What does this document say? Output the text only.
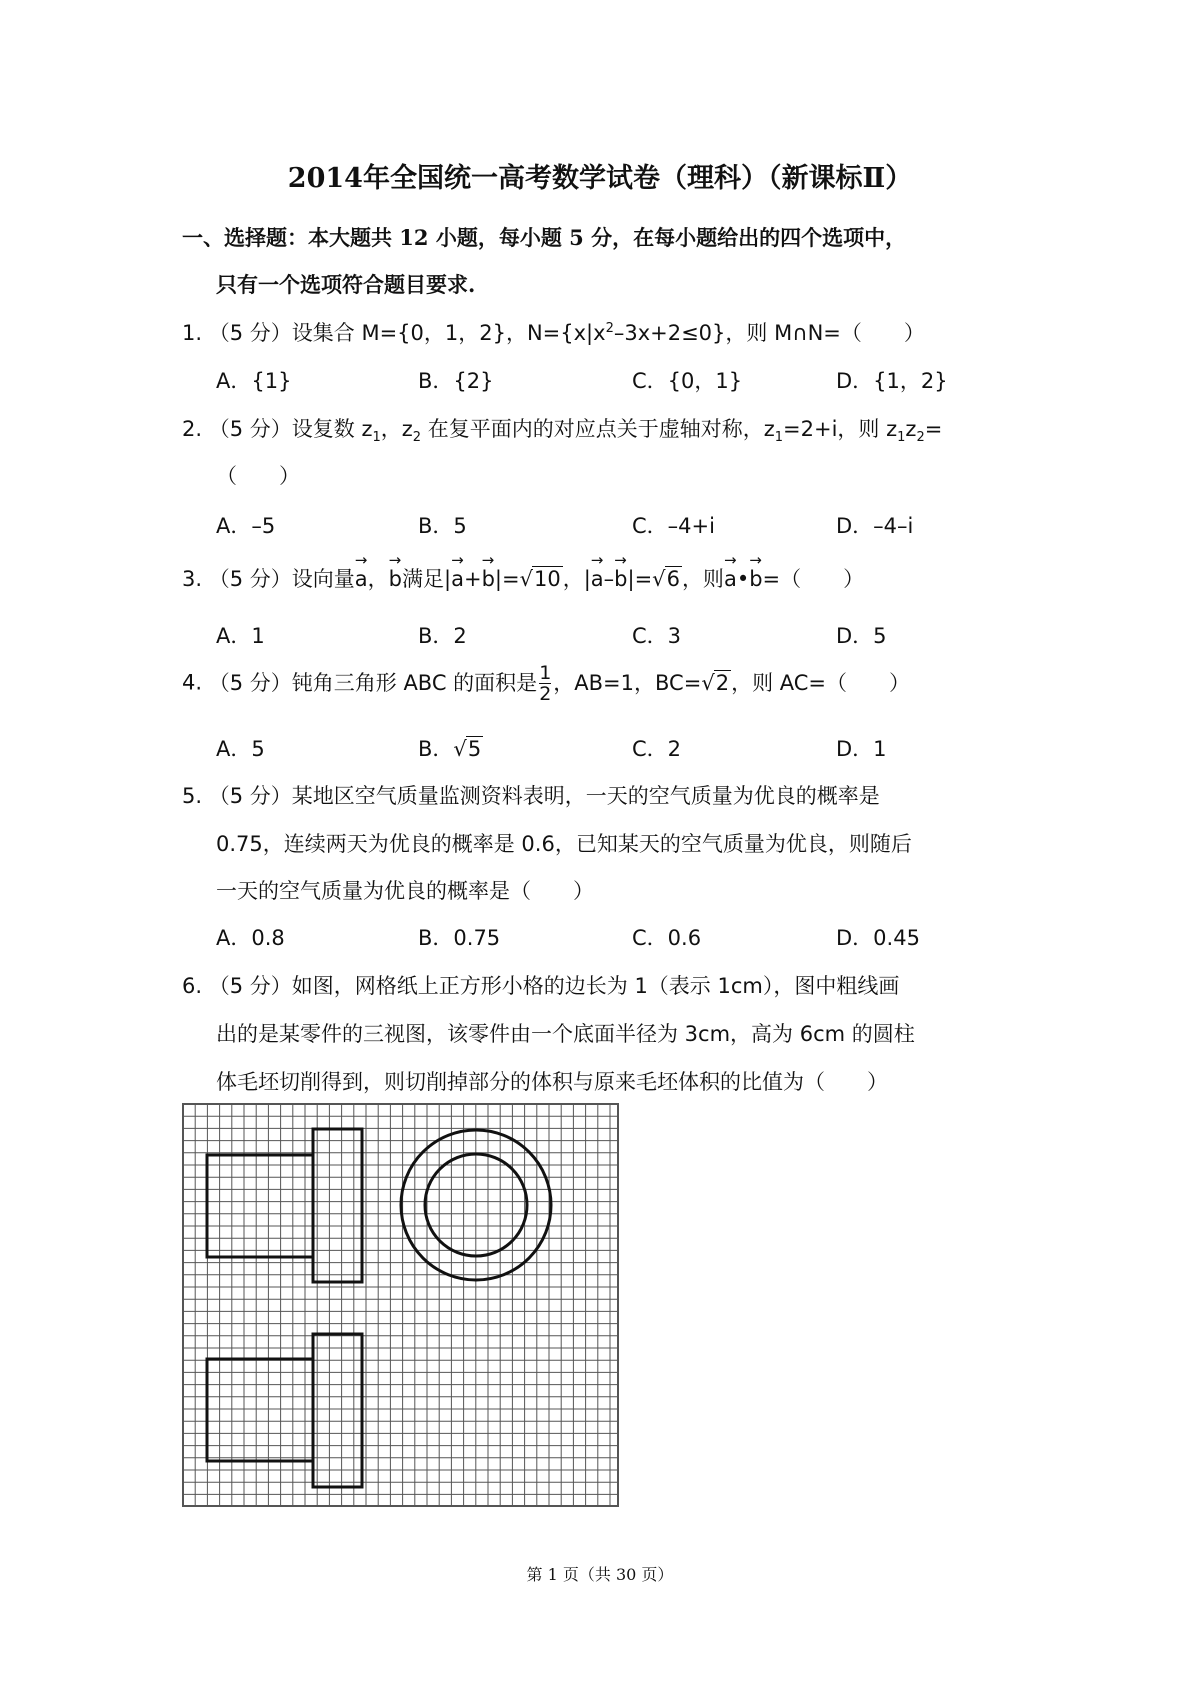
2014年全国统一高考数学试卷（理科）（新课标Ⅱ）
一、选择题：本大题共 12 小题，每小题 5 分，在每小题给出的四个选项中，
只有一个选项符合题目要求.
1. （5 分）设集合 M={0，1，2}，$N=\{x|x^2-3x+2\le 0\}$，则 M∩N=（　　）
A．{1}	B．{2}	C．{0，1}	D．{1，2}
2. （5 分）设复数 $z_1$，$z_2$ 在复平面内的对应点关于虚轴对称，$z_1=2+i$，则 $z_1z_2=$
（　　）
A．–5	B．5	C．–4+i	D．–4–i
3. （5 分）设向量→ a，→ b满足|→ a+→ b|=√10，|→ a–→ b|=√6，则→ a•→ b=（　　）
A．1	B．2	C．3	D．5
4. （5 分）钝角三角形 ABC 的面积是 $\frac{1}{2}$ ，AB=1，BC=√2，则 AC=（　　）
A．5	B．√5	C．2	D．1
5. （5 分）某地区空气质量监测资料表明，一天的空气质量为优良的概率是
0.75，连续两天为优良的概率是 0.6，已知某天的空气质量为优良，则随后
一天的空气质量为优良的概率是（　　）
A．0.8	B．0.75	C．0.6	D．0.45
6. （5 分）如图，网格纸上正方形小格的边长为 1（表示 1cm），图中粗线画
出的是某零件的三视图，该零件由一个底面半径为 3cm，高为 6cm 的圆柱
体毛坯切削得到，则切削掉部分的体积与原来毛坯体积的比值为（　　）
第 1 页（共 30 页）
